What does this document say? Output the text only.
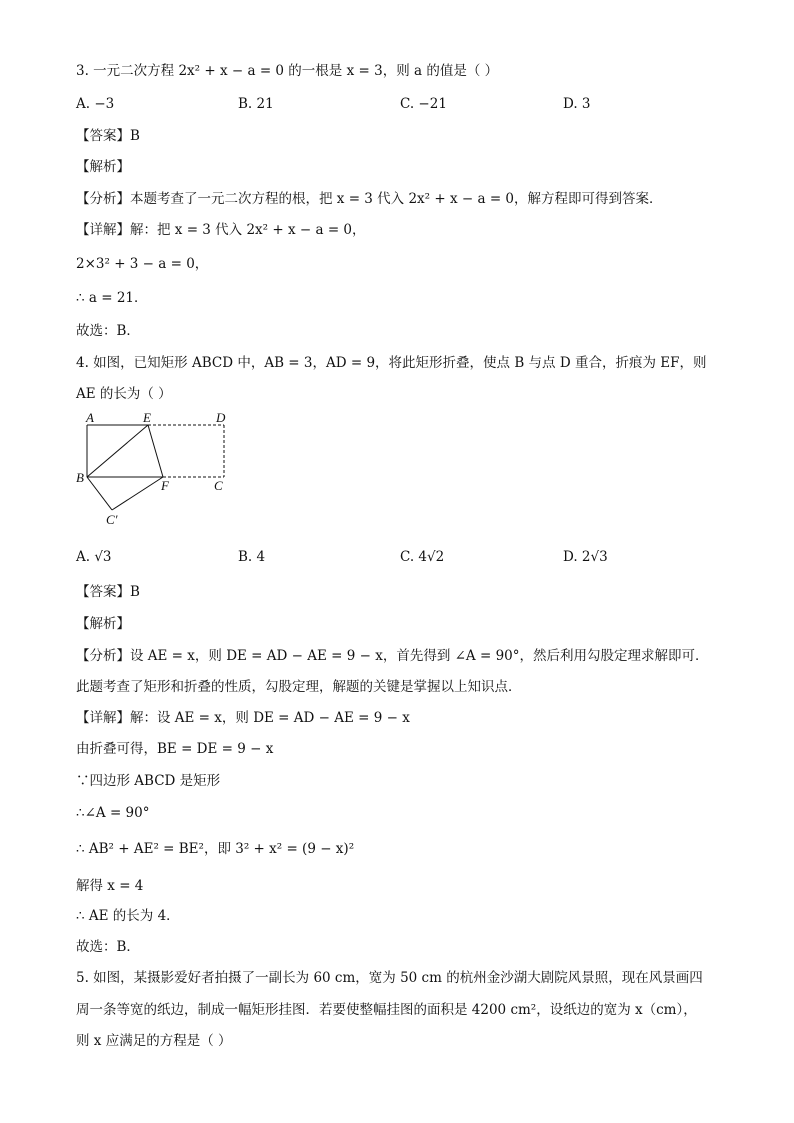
3. 一元二次方程 2x² + x − a = 0 的一根是 x = 3，则 a 的值是（ ）
A. −3	B. 21	C. −21	D. 3
【答案】B
【解析】
【分析】本题考查了一元二次方程的根，把 x = 3 代入 2x² + x − a = 0，解方程即可得到答案．
【详解】解：把 x = 3 代入 2x² + x − a = 0，
2×3² + 3 − a = 0，
∴ a = 21．
故选：B．
4. 如图，已知矩形 ABCD 中，AB = 3，AD = 9，将此矩形折叠，使点 B 与点 D 重合，折痕为 EF，则
AE 的长为（ ）
A	E	D
B
F	C
C′
A. √3	B. 4	C. 4√2	D. 2√3
【答案】B
【解析】
【分析】设 AE = x，则 DE = AD − AE = 9 − x，首先得到 ∠A = 90°，然后利用勾股定理求解即可．
此题考查了矩形和折叠的性质，勾股定理，解题的关键是掌握以上知识点．
【详解】解：设 AE = x，则 DE = AD − AE = 9 − x
由折叠可得，BE = DE = 9 − x
∵四边形 ABCD 是矩形
∴∠A = 90°
∴ AB² + AE² = BE²，即 3² + x² = (9 − x)²
解得 x = 4
∴ AE 的长为 4．
故选：B．
5. 如图，某摄影爱好者拍摄了一副长为 60 cm，宽为 50 cm 的杭州金沙湖大剧院风景照，现在风景画四
周一条等宽的纸边，制成一幅矩形挂图．若要使整幅挂图的面积是 4200 cm²，设纸边的宽为 x（cm），
则 x 应满足的方程是（ ）
